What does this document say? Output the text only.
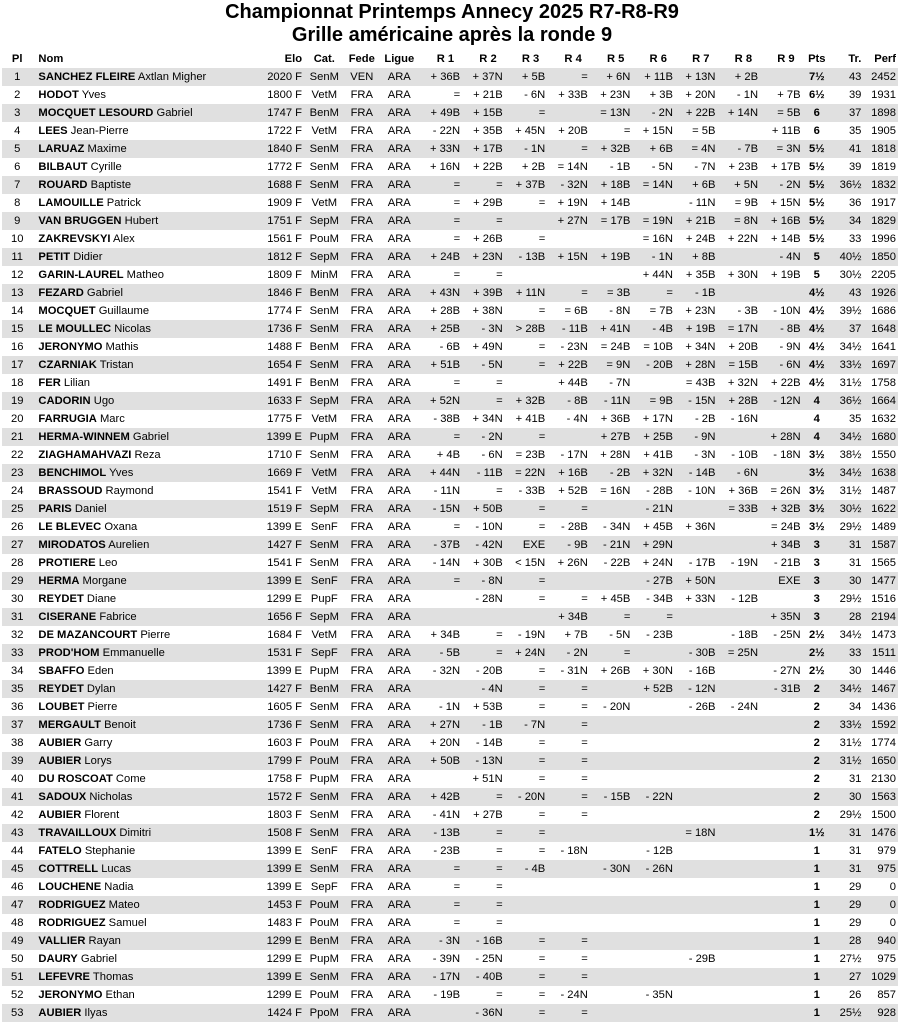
Championnat Printemps Annecy 2025 R7-R8-R9
Grille américaine après la ronde 9
Pl	Nom	Elo	Cat.	Fede	Ligue	R 1	R 2	R 3	R 4	R 5	R 6	R 7	R 8	R 9	Pts	Tr.	Perf
1	SANCHEZ FLEIRE Axtlan Migher	2020 F	SenM	VEN	ARA	+ 36B	+ 37N	+ 5B	=	+ 6N	+ 11B	+ 13N	+ 2B		7½	43	2452
2	HODOT Yves	1800 F	VetM	FRA	ARA	=	+ 21B	- 6N	+ 33B	+ 23N	+ 3B	+ 20N	- 1N	+ 7B	6½	39	1931
3	MOCQUET LESOURD Gabriel	1747 F	BenM	FRA	ARA	+ 49B	+ 15B	=		= 13N	- 2N	+ 22B	+ 14N	= 5B	6	37	1898
4	LEES Jean-Pierre	1722 F	VetM	FRA	ARA	- 22N	+ 35B	+ 45N	+ 20B	=	+ 15N	= 5B		+ 11B	6	35	1905
5	LARUAZ Maxime	1840 F	SenM	FRA	ARA	+ 33N	+ 17B	- 1N	=	+ 32B	+ 6B	= 4N	- 7B	= 3N	5½	41	1818
6	BILBAUT Cyrille	1772 F	SenM	FRA	ARA	+ 16N	+ 22B	+ 2B	= 14N	- 1B	- 5N	- 7N	+ 23B	+ 17B	5½	39	1819
7	ROUARD Baptiste	1688 F	SenM	FRA	ARA	=	=	+ 37B	- 32N	+ 18B	= 14N	+ 6B	+ 5N	- 2N	5½	36½	1832
8	LAMOUILLE Patrick	1909 F	VetM	FRA	ARA	=	+ 29B	=	+ 19N	+ 14B		- 11N	= 9B	+ 15N	5½	36	1917
9	VAN BRUGGEN Hubert	1751 F	SepM	FRA	ARA	=	=		+ 27N	= 17B	= 19N	+ 21B	= 8N	+ 16B	5½	34	1829
10	ZAKREVSKYI Alex	1561 F	PouM	FRA	ARA	=	+ 26B	=			= 16N	+ 24B	+ 22N	+ 14B	5½	33	1996
11	PETIT Didier	1812 F	SepM	FRA	ARA	+ 24B	+ 23N	- 13B	+ 15N	+ 19B	- 1N	+ 8B		- 4N	5	40½	1850
12	GARIN-LAUREL Matheo	1809 F	MinM	FRA	ARA	=	=				+ 44N	+ 35B	+ 30N	+ 19B	5	30½	2205
13	FEZARD Gabriel	1846 F	BenM	FRA	ARA	+ 43N	+ 39B	+ 11N	=	= 3B	=	- 1B			4½	43	1926
14	MOCQUET Guillaume	1774 F	SenM	FRA	ARA	+ 28B	+ 38N	=	= 6B	- 8N	= 7B	+ 23N	- 3B	- 10N	4½	39½	1686
15	LE MOULLEC Nicolas	1736 F	SenM	FRA	ARA	+ 25B	- 3N	> 28B	- 11B	+ 41N	- 4B	+ 19B	= 17N	- 8B	4½	37	1648
16	JERONYMO Mathis	1488 F	BenM	FRA	ARA	- 6B	+ 49N	=	- 23N	= 24B	= 10B	+ 34N	+ 20B	- 9N	4½	34½	1641
17	CZARNIAK Tristan	1654 F	SenM	FRA	ARA	+ 51B	- 5N	=	+ 22B	= 9N	- 20B	+ 28N	= 15B	- 6N	4½	33½	1697
18	FER Lilian	1491 F	BenM	FRA	ARA	=	=		+ 44B	- 7N		= 43B	+ 32N	+ 22B	4½	31½	1758
19	CADORIN Ugo	1633 F	SepM	FRA	ARA	+ 52N	=	+ 32B	- 8B	- 11N	= 9B	- 15N	+ 28B	- 12N	4	36½	1664
20	FARRUGIA Marc	1775 F	VetM	FRA	ARA	- 38B	+ 34N	+ 41B	- 4N	+ 36B	+ 17N	- 2B	- 16N		4	35	1632
21	HERMA-WINNEM Gabriel	1399 E	PupM	FRA	ARA	=	- 2N	=		+ 27B	+ 25B	- 9N		+ 28N	4	34½	1680
22	ZIAGHAMAHVAZI Reza	1710 F	SenM	FRA	ARA	+ 4B	- 6N	= 23B	- 17N	+ 28N	+ 41B	- 3N	- 10B	- 18N	3½	38½	1550
23	BENCHIMOL Yves	1669 F	VetM	FRA	ARA	+ 44N	- 11B	= 22N	+ 16B	- 2B	+ 32N	- 14B	- 6N		3½	34½	1638
24	BRASSOUD Raymond	1541 F	VetM	FRA	ARA	- 11N	=	- 33B	+ 52B	= 16N	- 28B	- 10N	+ 36B	= 26N	3½	31½	1487
25	PARIS Daniel	1519 F	SepM	FRA	ARA	- 15N	+ 50B	=	=		- 21N		= 33B	+ 32B	3½	30½	1622
26	LE BLEVEC Oxana	1399 E	SenF	FRA	ARA	=	- 10N	=	- 28B	- 34N	+ 45B	+ 36N		= 24B	3½	29½	1489
27	MIRODATOS Aurelien	1427 F	SenM	FRA	ARA	- 37B	- 42N	EXE	- 9B	- 21N	+ 29N			+ 34B	3	31	1587
28	PROTIERE Leo	1541 F	SenM	FRA	ARA	- 14N	+ 30B	< 15N	+ 26N	- 22B	+ 24N	- 17B	- 19N	- 21B	3	31	1565
29	HERMA Morgane	1399 E	SenF	FRA	ARA	=	- 8N	=			- 27B	+ 50N		EXE	3	30	1477
30	REYDET Diane	1299 E	PupF	FRA	ARA		- 28N	=	=	+ 45B	- 34B	+ 33N	- 12B		3	29½	1516
31	CISERANE Fabrice	1656 F	SepM	FRA	ARA				+ 34B	=	=			+ 35N	3	28	2194
32	DE MAZANCOURT Pierre	1684 F	VetM	FRA	ARA	+ 34B	=	- 19N	+ 7B	- 5N	- 23B		- 18B	- 25N	2½	34½	1473
33	PROD'HOM Emmanuelle	1531 F	SepF	FRA	ARA	- 5B	=	+ 24N	- 2N	=		- 30B	= 25N		2½	33	1511
34	SBAFFO Eden	1399 E	PupM	FRA	ARA	- 32N	- 20B	=	- 31N	+ 26B	+ 30N	- 16B		- 27N	2½	30	1446
35	REYDET Dylan	1427 F	BenM	FRA	ARA		- 4N	=	=		+ 52B	- 12N		- 31B	2	34½	1467
36	LOUBET Pierre	1605 F	SenM	FRA	ARA	- 1N	+ 53B	=	=	- 20N		- 26B	- 24N		2	34	1436
37	MERGAULT Benoit	1736 F	SenM	FRA	ARA	+ 27N	- 1B	- 7N	=						2	33½	1592
38	AUBIER Garry	1603 F	PouM	FRA	ARA	+ 20N	- 14B	=	=						2	31½	1774
39	AUBIER Lorys	1799 F	PouM	FRA	ARA	+ 50B	- 13N	=	=						2	31½	1650
40	DU ROSCOAT Come	1758 F	PupM	FRA	ARA		+ 51N	=	=						2	31	2130
41	SADOUX Nicholas	1572 F	SenM	FRA	ARA	+ 42B	=	- 20N	=	- 15B	- 22N				2	30	1563
42	AUBIER Florent	1803 F	SenM	FRA	ARA	- 41N	+ 27B	=	=						2	29½	1500
43	TRAVAILLOUX Dimitri	1508 F	SenM	FRA	ARA	- 13B	=	=				= 18N			1½	31	1476
44	FATELO Stephanie	1399 E	SenF	FRA	ARA	- 23B	=	=	- 18N		- 12B				1	31	979
45	COTTRELL Lucas	1399 E	SenM	FRA	ARA	=	=	- 4B		- 30N	- 26N				1	31	975
46	LOUCHENE Nadia	1399 E	SepF	FRA	ARA	=	=								1	29	0
47	RODRIGUEZ Mateo	1453 F	PouM	FRA	ARA	=	=								1	29	0
48	RODRIGUEZ Samuel	1483 F	PouM	FRA	ARA	=	=								1	29	0
49	VALLIER Rayan	1299 E	BenM	FRA	ARA	- 3N	- 16B	=	=						1	28	940
50	DAURY Gabriel	1299 E	PupM	FRA	ARA	- 39N	- 25N	=	=			- 29B			1	27½	975
51	LEFEVRE Thomas	1399 E	SenM	FRA	ARA	- 17N	- 40B	=	=						1	27	1029
52	JERONYMO Ethan	1299 E	PouM	FRA	ARA	- 19B	=	=	- 24N		- 35N				1	26	857
53	AUBIER Ilyas	1424 F	PpoM	FRA	ARA		- 36N	=	=						1	25½	928
